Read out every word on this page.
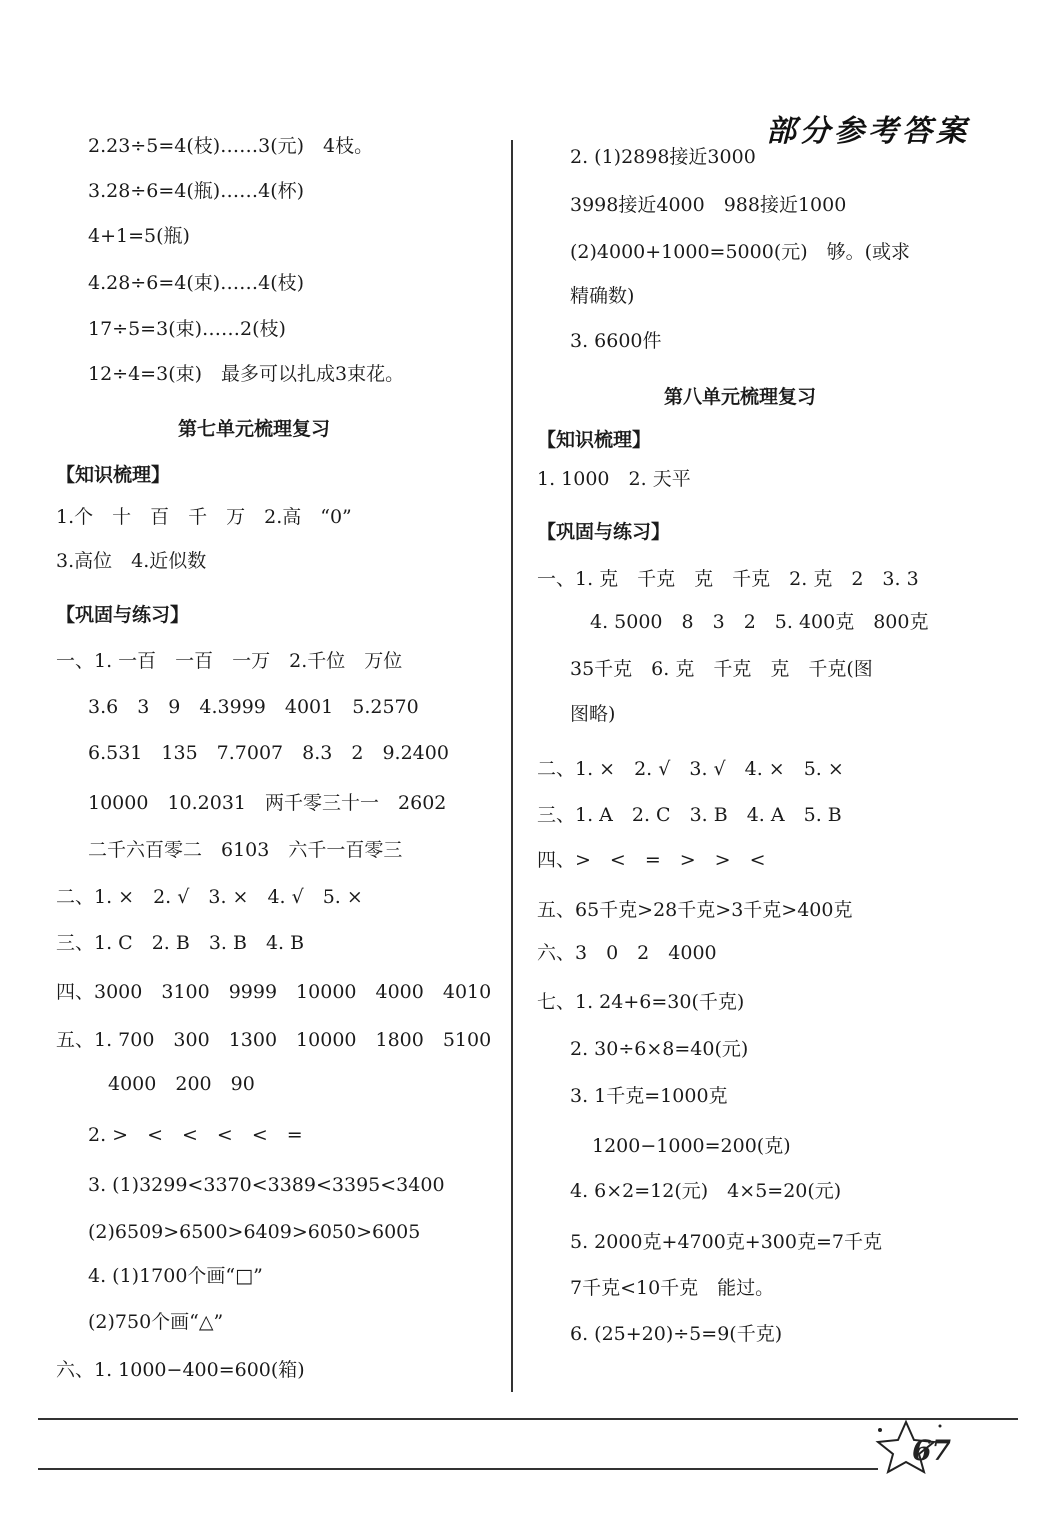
部分参考答案
2.23÷5=4(枝)……3(元)　4枝。
3.28÷6=4(瓶)……4(杯)
4+1=5(瓶)
4.28÷6=4(束)……4(枝)
17÷5=3(束)……2(枝)
12÷4=3(束)　最多可以扎成3束花。
第七单元梳理复习
【知识梳理】
1.个　十　百　千　万　2.高　“0”
3.高位　4.近似数
【巩固与练习】
一、1. 一百　一百　一万　2.千位　万位
3.6　3　9　4.3999　4001　5.2570
6.531　135　7.7007　8.3　2　9.2400
10000　10.2031　两千零三十一　2602
二千六百零二　6103　六千一百零三
二、1. ×　2. √　3. ×　4. √　5. ×
三、1. C　2. B　3. B　4. B
四、3000　3100　9999　10000　4000　4010
五、1. 700　300　1300　10000　1800　5100
4000　200　90
2. >　<　<　<　<　=
3. (1)3299<3370<3389<3395<3400
(2)6509>6500>6409>6050>6005
4. (1)1700个画“□”
(2)750个画“△”
六、1. 1000−400=600(箱)
2. (1)2898接近3000
3998接近4000　988接近1000
(2)4000+1000=5000(元)　够。(或求
精确数)
3. 6600件
第八单元梳理复习
【知识梳理】
1. 1000　2. 天平
【巩固与练习】
一、1. 克　千克　克　千克　2. 克　2　3. 3
4. 5000　8　3　2　5. 400克　800克
35千克　6. 克　千克　克　千克(图
图略)
二、1. ×　2. √　3. √　4. ×　5. ×
三、1. A　2. C　3. B　4. A　5. B
四、>　<　=　>　>　<
五、65千克>28千克>3千克>400克
六、3　0　2　4000
七、1. 24+6=30(千克)
2. 30÷6×8=40(元)
3. 1千克=1000克
1200−1000=200(克)
4. 6×2=12(元)　4×5=20(元)
5. 2000克+4700克+300克=7千克
7千克<10千克　能过。
6. (25+20)÷5=9(千克)
67
